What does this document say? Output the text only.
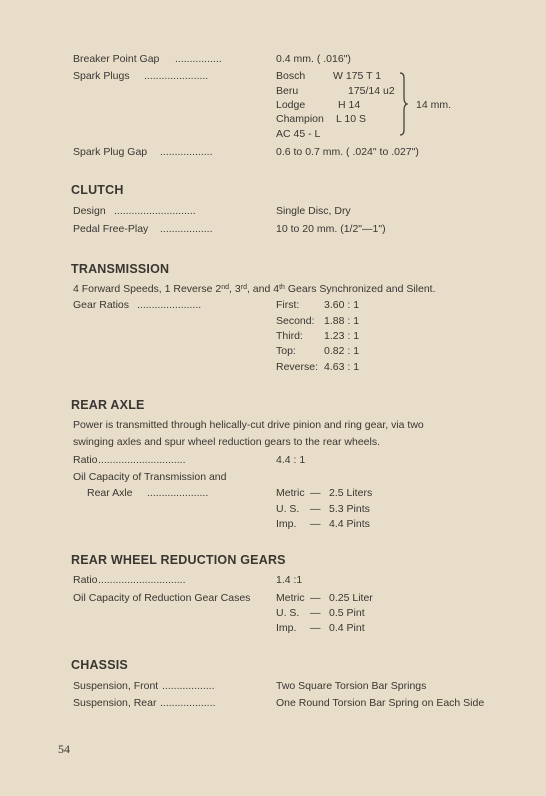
Breaker Point Gap ................	0.4 mm. ( .016")
Spark Plugs ......................	Bosch	W 175 T 1
Beru	175/14 u2
Lodge	H 14
Champion L 10 S
AC 45 - L
14 mm.
Spark Plug Gap ..................	0.6 to 0.7 mm. ( .024" to .027")
CLUTCH
Design ............................	Single Disc, Dry
Pedal Free-Play ..................	10 to 20 mm. (1/2"—1")
TRANSMISSION
4 Forward Speeds, 1 Reverse 2nd, 3rd, and 4th Gears Synchronized and Silent.
Gear Ratios ......................	First: 3.60 : 1
Second: 1.88 : 1
Third: 1.23 : 1
Top:	0.82 : 1
Reverse: 4.63 : 1
REAR AXLE
Power is transmitted through helically-cut drive pinion and ring gear, via two
swinging axles and spur wheel reduction gears to the rear wheels.
Ratio ..............................	4.4 : 1
Oil Capacity of Transmission and
Rear Axle .....................	Metric — 2.5 Liters
U. S. — 5.3 Pints
Imp. — 4.4 Pints
REAR WHEEL REDUCTION GEARS
Ratio ..............................	1.4 :1
Oil Capacity of Reduction Gear Cases Metric — 0.25 Liter
U. S. — 0.5 Pint
Imp. — 0.4 Pint
CHASSIS
Suspension, Front ..................	Two Square Torsion Bar Springs
Suspension, Rear ...................	One Round Torsion Bar Spring on Each Side
54
